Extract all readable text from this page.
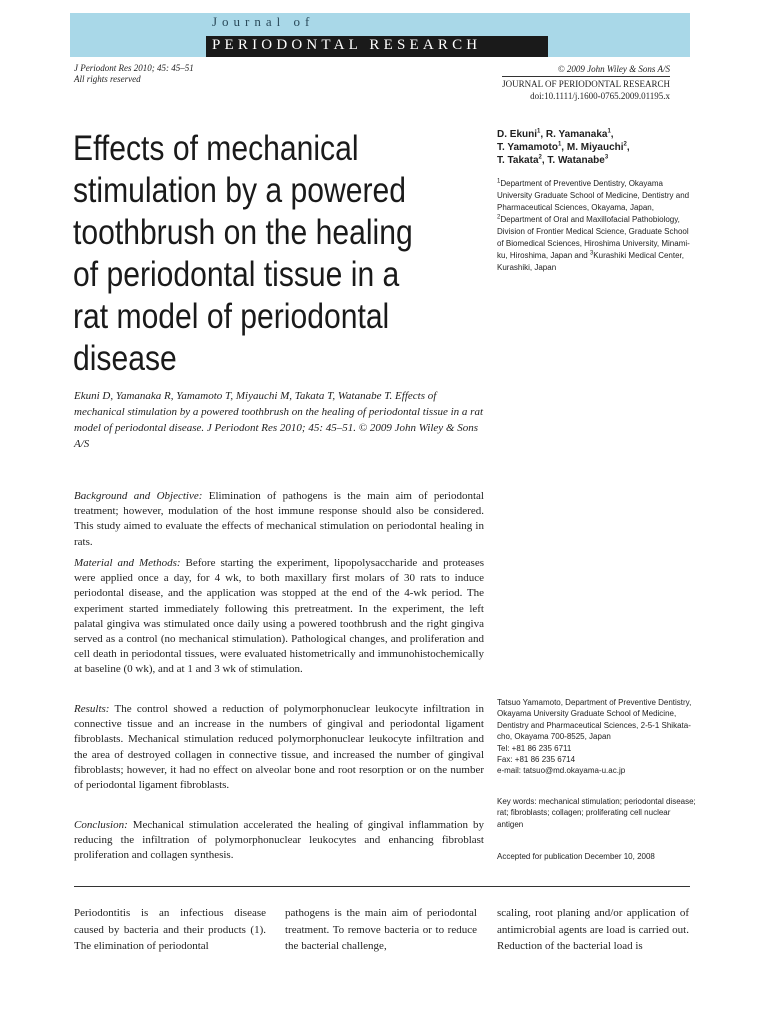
Journal of
PERIODONTAL RESEARCH
J Periodont Res 2010; 45: 45–51
All rights reserved
© 2009 John Wiley & Sons A/S
JOURNAL OF PERIODONTAL RESEARCH
doi:10.1111/j.1600-0765.2009.01195.x
Effects of mechanical stimulation by a powered toothbrush on the healing of periodontal tissue in a rat model of periodontal disease
D. Ekuni$^1$, R. Yamanaka$^1$,
T. Yamamoto$^1$, M. Miyauchi$^2$,
T. Takata$^2$, T. Watanabe$^3$
$^1$Department of Preventive Dentistry, Okayama University Graduate School of Medicine, Dentistry and Pharmaceutical Sciences, Okayama, Japan, $^2$Department of Oral and Maxillofacial Pathobiology, Division of Frontier Medical Science, Graduate School of Biomedical Sciences, Hiroshima University, Minami-ku, Hiroshima, Japan and $^3$Kurashiki Medical Center, Kurashiki, Japan
Ekuni D, Yamanaka R, Yamamoto T, Miyauchi M, Takata T, Watanabe T. Effects of mechanical stimulation by a powered toothbrush on the healing of periodontal tissue in a rat model of periodontal disease. J Periodont Res 2010; 45: 45–51. © 2009 John Wiley & Sons A/S
Background and Objective: Elimination of pathogens is the main aim of periodontal treatment; however, modulation of the host immune response should also be considered. This study aimed to evaluate the effects of mechanical stimulation on periodontal healing in rats.
Material and Methods: Before starting the experiment, lipopolysaccharide and proteases were applied once a day, for 4 wk, to both maxillary first molars of 30 rats to induce periodontal disease, and the application was stopped at the end of the 4-wk period. The experiment started immediately following this pretreatment. In the experiment, the left palatal gingiva was stimulated once daily using a powered toothbrush and the right gingiva served as a control (no mechanical stimulation). Pathological changes, and proliferation and cell death in periodontal tissues, were evaluated histometrically and immunohistochemically at baseline (0 wk), and at 1 and 3 wk of stimulation.
Results: The control showed a reduction of polymorphonuclear leukocyte infiltration in connective tissue and an increase in the numbers of gingival and periodontal ligament fibroblasts. Mechanical stimulation reduced polymorphonuclear leukocyte infiltration and the area of destroyed collagen in connective tissue, and increased the number of gingival fibroblasts; however, it had no effect on alveolar bone and root resorption or on the number of periodontal ligament fibroblasts.
Conclusion: Mechanical stimulation accelerated the healing of gingival inflammation by reducing the infiltration of polymorphonuclear leukocytes and enhancing fibroblast proliferation and collagen synthesis.
Tatsuo Yamamoto, Department of Preventive Dentistry, Okayama University Graduate School of Medicine, Dentistry and Pharmaceutical Sciences, 2-5-1 Shikata-cho, Okayama 700-8525, Japan
Tel: +81 86 235 6711
Fax: +81 86 235 6714
e-mail: tatsuo@md.okayama-u.ac.jp
Key words: mechanical stimulation; periodontal disease; rat; fibroblasts; collagen; proliferating cell nuclear antigen
Accepted for publication December 10, 2008
Periodontitis is an infectious disease caused by bacteria and their products (1). The elimination of periodontal
pathogens is the main aim of periodontal treatment. To remove bacteria or to reduce the bacterial challenge,
scaling, root planing and/or application of antimicrobial agents are load is carried out. Reduction of the bacterial load is
